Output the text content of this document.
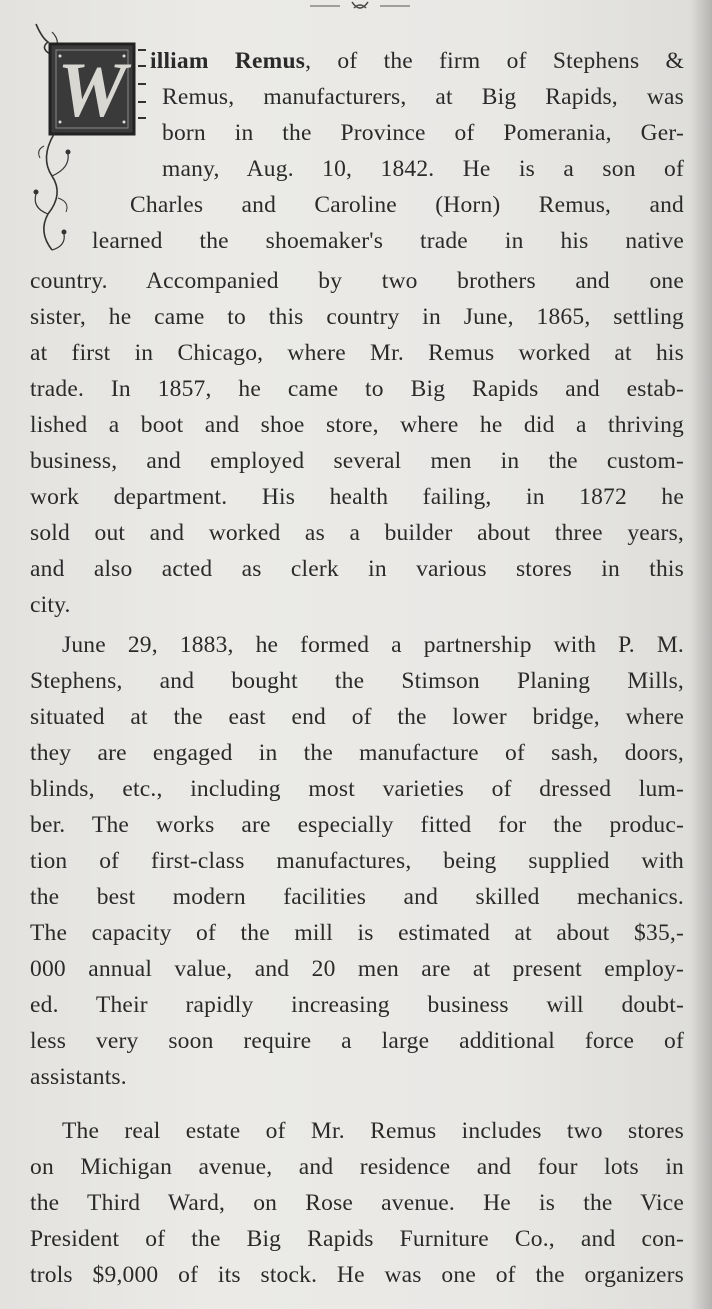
W illiam Remus, of the firm of Stephens &
Remus, manufacturers, at Big Rapids, was
born in the Province of Pomerania, Ger-
many, Aug. 10, 1842. He is a son of
Charles and Caroline (Horn) Remus, and
learned the shoemaker's trade in his native
country. Accompanied by two brothers and one
sister, he came to this country in June, 1865, settling
at first in Chicago, where Mr. Remus worked at his
trade. In 1857, he came to Big Rapids and estab-
lished a boot and shoe store, where he did a thriving
business, and employed several men in the custom-
work department. His health failing, in 1872 he
sold out and worked as a builder about three years,
and also acted as clerk in various stores in this
city.
June 29, 1883, he formed a partnership with P. M.
Stephens, and bought the Stimson Planing Mills,
situated at the east end of the lower bridge, where
they are engaged in the manufacture of sash, doors,
blinds, etc., including most varieties of dressed lum-
ber. The works are especially fitted for the produc-
tion of first-class manufactures, being supplied with
the best modern facilities and skilled mechanics.
The capacity of the mill is estimated at about $35,-
000 annual value, and 20 men are at present employ-
ed. Their rapidly increasing business will doubt-
less very soon require a large additional force of
assistants.
The real estate of Mr. Remus includes two stores
on Michigan avenue, and residence and four lots in
the Third Ward, on Rose avenue. He is the Vice
President of the Big Rapids Furniture Co., and con-
trols $9,000 of its stock. He was one of the organizers
